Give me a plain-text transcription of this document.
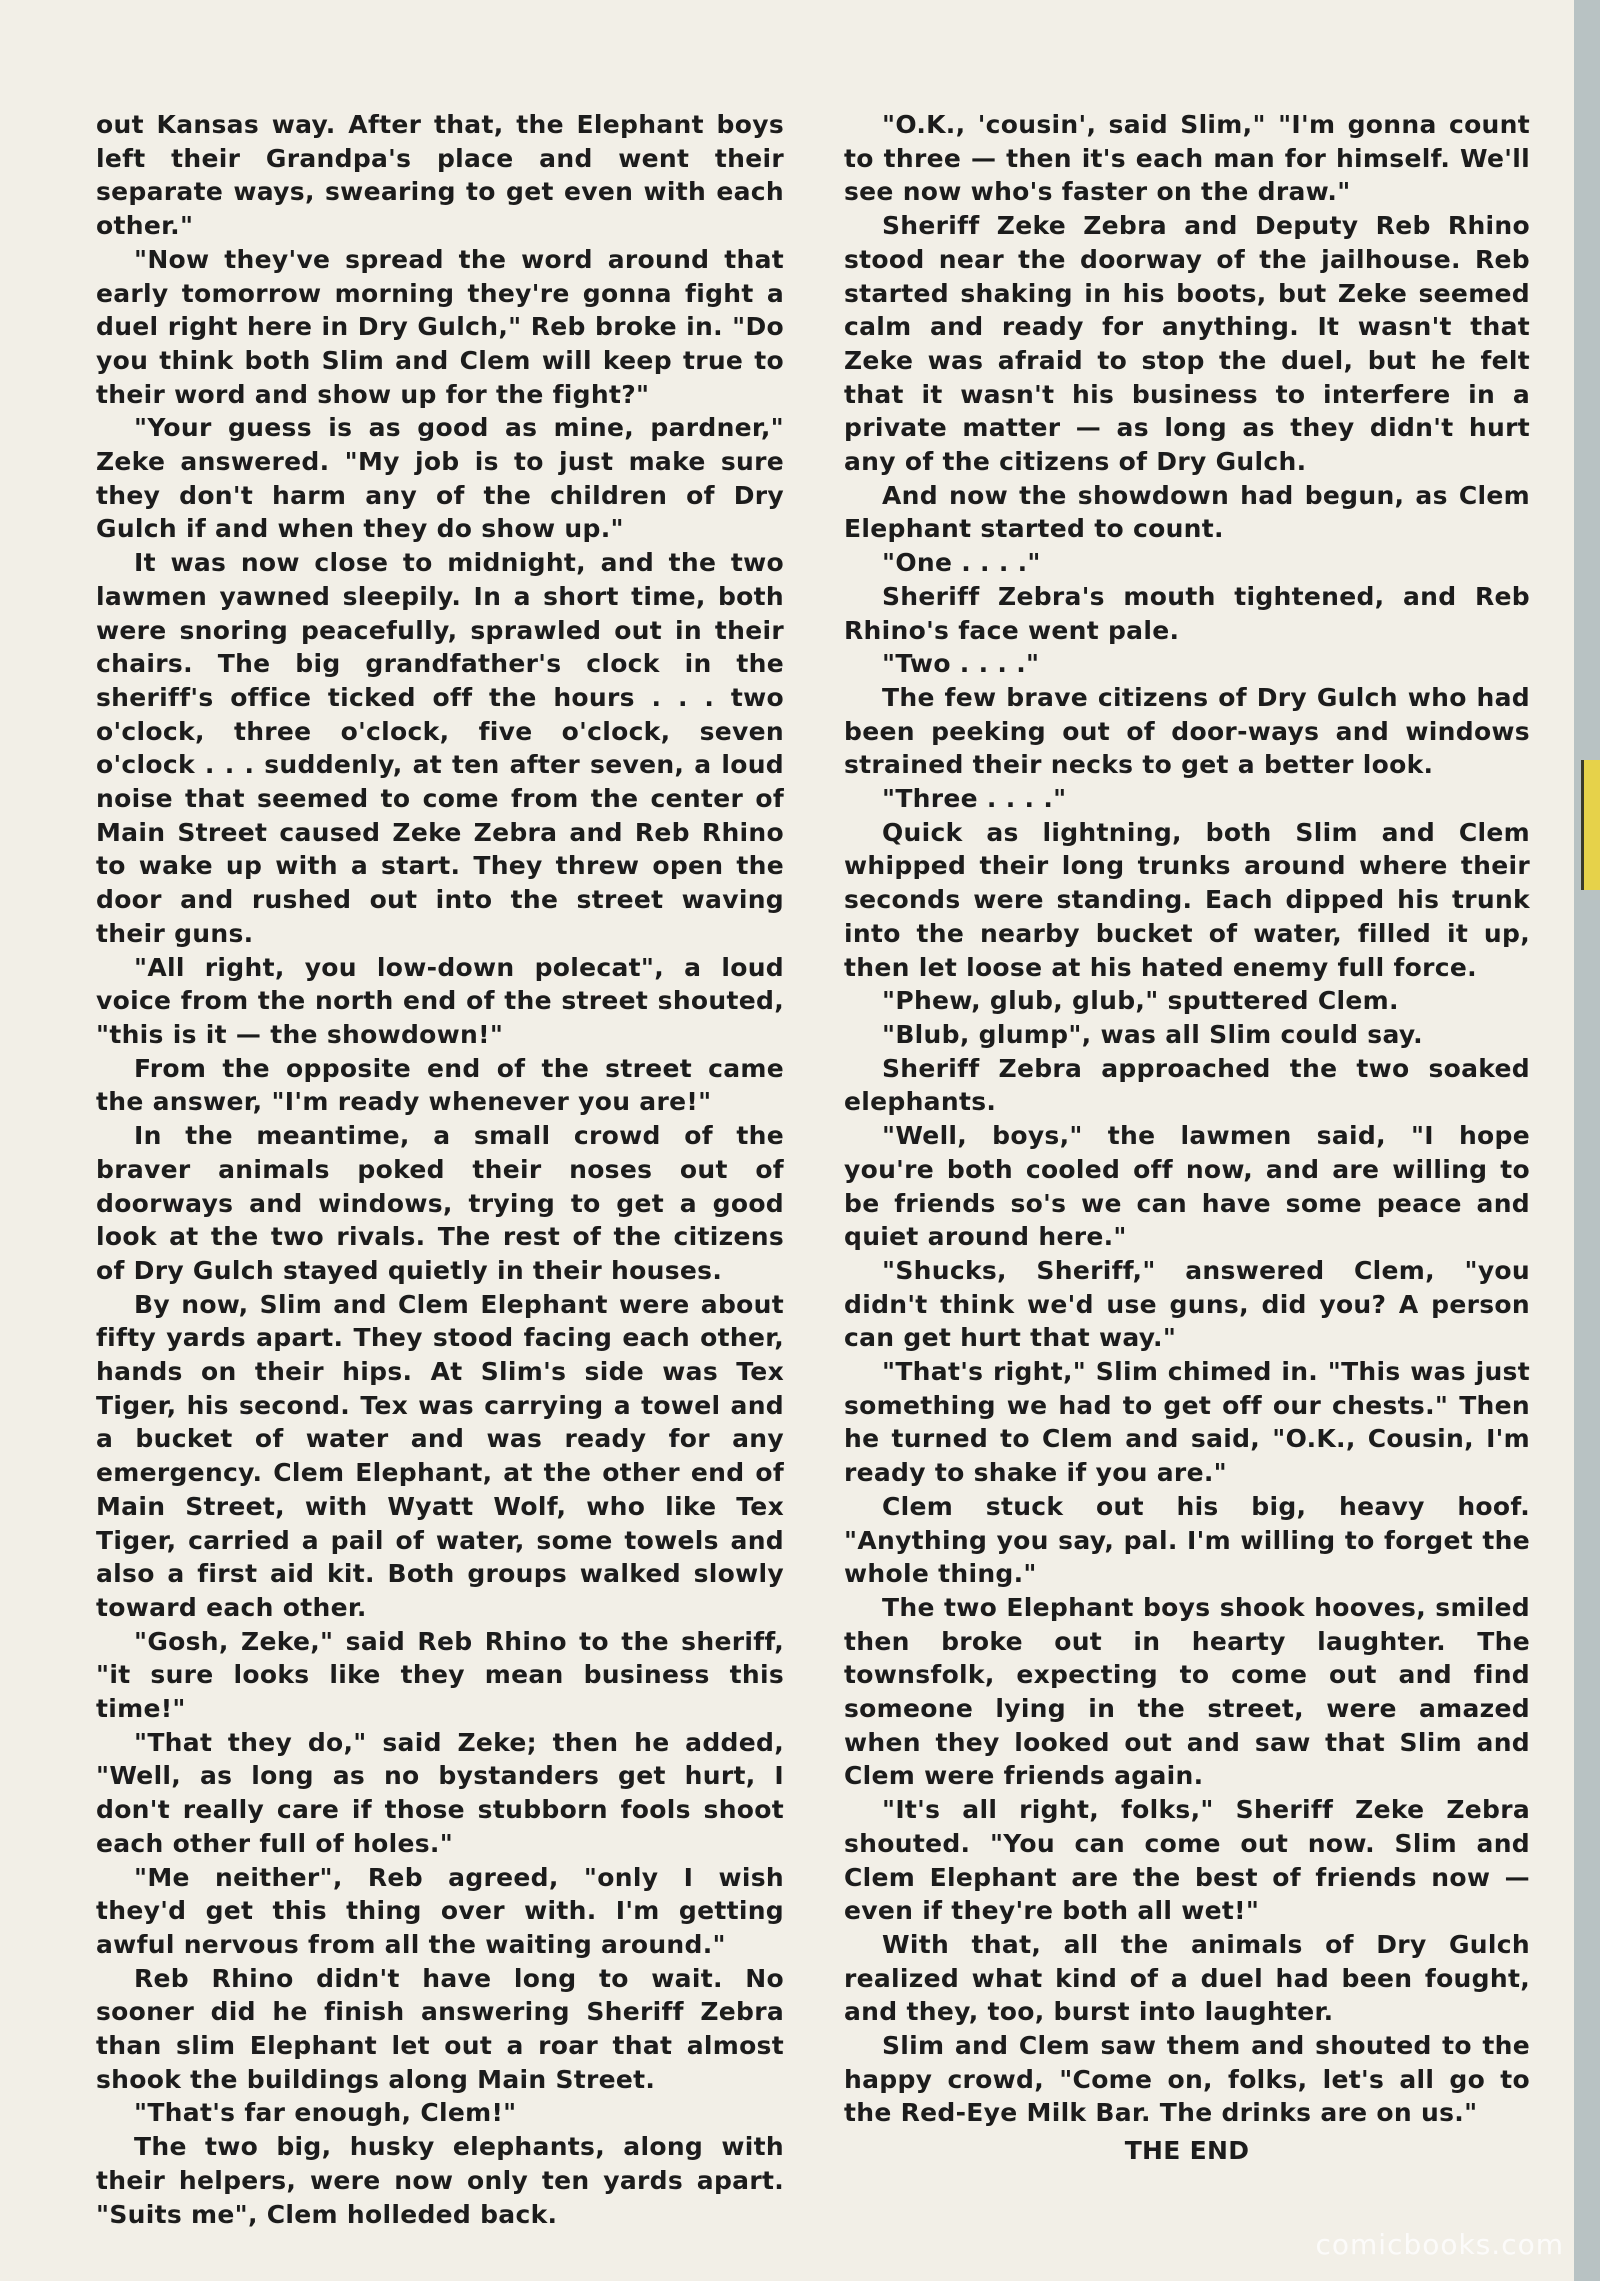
out Kansas way. After that, the Elephant boys left their Grandpa's place and went their separate ways, swearing to get even with each other."

"Now they've spread the word around that early tomorrow morning they're gonna fight a duel right here in Dry Gulch," Reb broke in. "Do you think both Slim and Clem will keep true to their word and show up for the fight?"

"Your guess is as good as mine, pardner," Zeke answered. "My job is to just make sure they don't harm any of the children of Dry Gulch if and when they do show up."

It was now close to midnight, and the two lawmen yawned sleepily. In a short time, both were snoring peacefully, sprawled out in their chairs. The big grandfather's clock in the sheriff's office ticked off the hours . . . two o'clock, three o'clock, five o'clock, seven o'clock . . . suddenly, at ten after seven, a loud noise that seemed to come from the center of Main Street caused Zeke Zebra and Reb Rhino to wake up with a start. They threw open the door and rushed out into the street waving their guns.

"All right, you low-down polecat", a loud voice from the north end of the street shouted, "this is it — the showdown!"

From the opposite end of the street came the answer, "I'm ready whenever you are!"

In the meantime, a small crowd of the braver animals poked their noses out of doorways and windows, trying to get a good look at the two rivals. The rest of the citizens of Dry Gulch stayed quietly in their houses.

By now, Slim and Clem Elephant were about fifty yards apart. They stood facing each other, hands on their hips. At Slim's side was Tex Tiger, his second. Tex was carrying a towel and a bucket of water and was ready for any emergency. Clem Elephant, at the other end of Main Street, with Wyatt Wolf, who like Tex Tiger, carried a pail of water, some towels and also a first aid kit. Both groups walked slowly toward each other.

"Gosh, Zeke," said Reb Rhino to the sheriff, "it sure looks like they mean business this time!"

"That they do," said Zeke; then he added, "Well, as long as no bystanders get hurt, I don't really care if those stubborn fools shoot each other full of holes."

"Me neither", Reb agreed, "only I wish they'd get this thing over with. I'm getting awful nervous from all the waiting around."

Reb Rhino didn't have long to wait. No sooner did he finish answering Sheriff Zebra than slim Elephant let out a roar that almost shook the buildings along Main Street.

"That's far enough, Clem!"

The two big, husky elephants, along with their helpers, were now only ten yards apart. "Suits me", Clem holleded back.

"O.K., 'cousin', said Slim," "I'm gonna count to three — then it's each man for himself. We'll see now who's faster on the draw."

Sheriff Zeke Zebra and Deputy Reb Rhino stood near the doorway of the jailhouse. Reb started shaking in his boots, but Zeke seemed calm and ready for anything. It wasn't that Zeke was afraid to stop the duel, but he felt that it wasn't his business to interfere in a private matter — as long as they didn't hurt any of the citizens of Dry Gulch.

And now the showdown had begun, as Clem Elephant started to count.

"One . . . ."

Sheriff Zebra's mouth tightened, and Reb Rhino's face went pale.

"Two . . . ."

The few brave citizens of Dry Gulch who had been peeking out of door-ways and windows strained their necks to get a better look.

"Three . . . ."

Quick as lightning, both Slim and Clem whipped their long trunks around where their seconds were standing. Each dipped his trunk into the nearby bucket of water, filled it up, then let loose at his hated enemy full force.

"Phew, glub, glub," sputtered Clem.

"Blub, glump", was all Slim could say.

Sheriff Zebra approached the two soaked elephants.

"Well, boys," the lawmen said, "I hope you're both cooled off now, and are willing to be friends so's we can have some peace and quiet around here."

"Shucks, Sheriff," answered Clem, "you didn't think we'd use guns, did you? A person can get hurt that way."

"That's right," Slim chimed in. "This was just something we had to get off our chests." Then he turned to Clem and said, "O.K., Cousin, I'm ready to shake if you are."

Clem stuck out his big, heavy hoof. "Anything you say, pal. I'm willing to forget the whole thing."

The two Elephant boys shook hooves, smiled then broke out in hearty laughter. The townsfolk, expecting to come out and find someone lying in the street, were amazed when they looked out and saw that Slim and Clem were friends again.

"It's all right, folks," Sheriff Zeke Zebra shouted. "You can come out now. Slim and Clem Elephant are the best of friends now — even if they're both all wet!"

With that, all the animals of Dry Gulch realized what kind of a duel had been fought, and they, too, burst into laughter.

Slim and Clem saw them and shouted to the happy crowd, "Come on, folks, let's all go to the Red-Eye Milk Bar. The drinks are on us."

THE END

comicbooks.com
